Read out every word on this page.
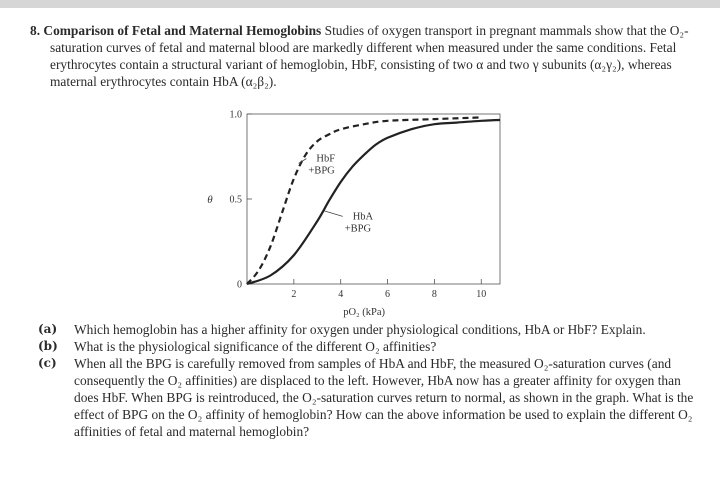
8. Comparison of Fetal and Maternal Hemoglobins Studies of oxygen transport in pregnant mammals show that the O₂-saturation curves of fetal and maternal blood are markedly different when measured under the same conditions. Fetal erythrocytes contain a structural variant of hemoglobin, HbF, consisting of two α and two γ subunits (α₂γ₂), whereas maternal erythrocytes contain HbA (α₂β₂).

0
0.5
1.0
2	4	6	8	10
θ
pO₂ (kPa)
HbF
+BPG
HbA
+BPG
(a) Which hemoglobin has a higher affinity for oxygen under physiological conditions, HbA or HbF? Explain.
(b) What is the physiological significance of the different O₂ affinities?
(c) When all the BPG is carefully removed from samples of HbA and HbF, the measured O₂-saturation curves (and consequently the O₂ affinities) are displaced to the left. However, HbA now has a greater affinity for oxygen than does HbF. When BPG is reintroduced, the O₂-saturation curves return to normal, as shown in the graph. What is the effect of BPG on the O₂ affinity of hemoglobin? How can the above information be used to explain the different O₂ affinities of fetal and maternal hemoglobin?
